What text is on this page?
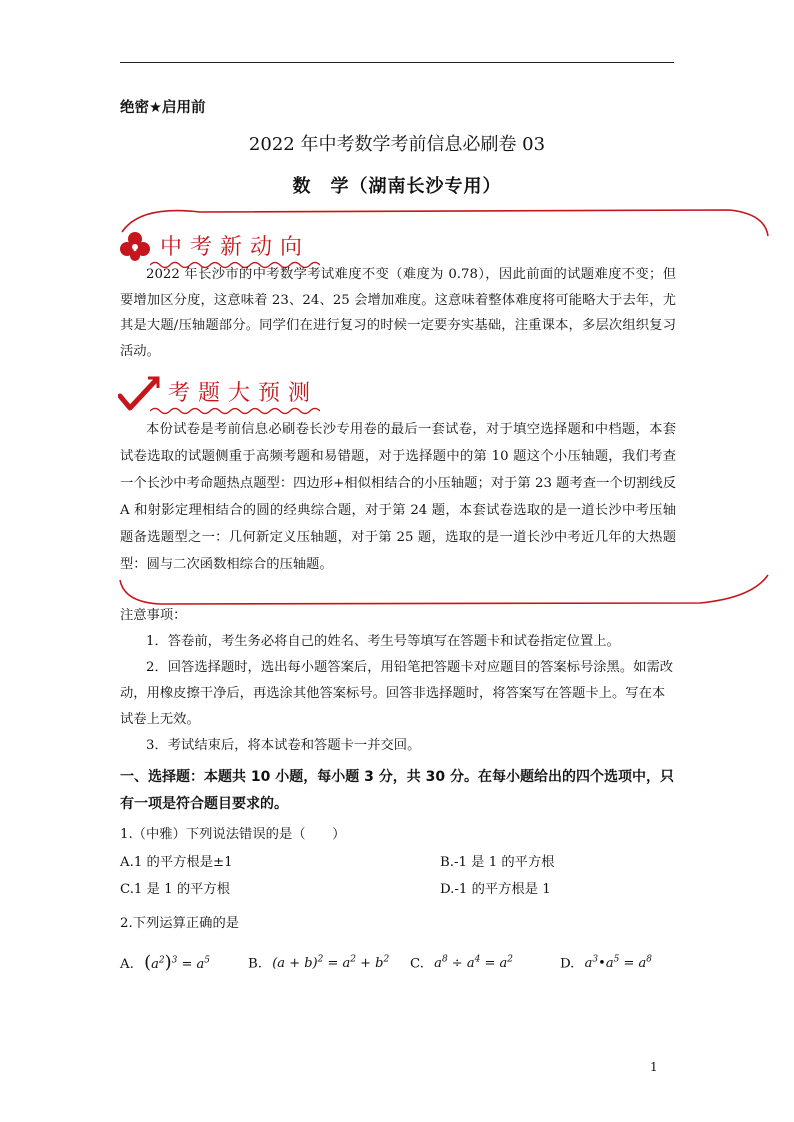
绝密★启用前
2022 年中考数学考前信息必刷卷 03
数　学（湖南长沙专用）
中考新动向

2022 年长沙市的中考数学考试难度不变（难度为 0.78），因此前面的试题难度不变；但要增加区分度，这意味着 23、24、25 会增加难度。这意味着整体难度将可能略大于去年，尤其是大题/压轴题部分。同学们在进行复习的时候一定要夯实基础，注重课本，多层次组织复习活动。

考题大预测

本份试卷是考前信息必刷卷长沙专用卷的最后一套试卷，对于填空选择题和中档题，本套试卷选取的试题侧重于高频考题和易错题，对于选择题中的第 10 题这个小压轴题，我们考查一个长沙中考命题热点题型：四边形+相似相结合的小压轴题；对于第 23 题考查一个切割线反 A 和射影定理相结合的圆的经典综合题，对于第 24 题，本套试卷选取的是一道长沙中考压轴题备选题型之一：几何新定义压轴题，对于第 25 题，选取的是一道长沙中考近几年的大热题型：圆与二次函数相综合的压轴题。

注意事项：

1．答卷前，考生务必将自己的姓名、考生号等填写在答题卡和试卷指定位置上。

2．回答选择题时，选出每小题答案后，用铅笔把答题卡对应题目的答案标号涂黑。如需改动，用橡皮擦干净后，再选涂其他答案标号。回答非选择题时，将答案写在答题卡上。写在本试卷上无效。

3．考试结束后，将本试卷和答题卡一并交回。

一、选择题：本题共 10 小题，每小题 3 分，共 30 分。在每小题给出的四个选项中，只有一项是符合题目要求的。
1.（中雅）下列说法错误的是（　　）
A.1 的平方根是±1	B.-1 是 1 的平方根
C.1 是 1 的平方根	D.-1 的平方根是 1
2.下列运算正确的是
A. $(a^2)^3 = a^5$	B. $(a + b)^2 = a^2 + b^2$ C. $a^8 \div a^4 = a^2$	D. $a^3•a^5 = a^8$
1
